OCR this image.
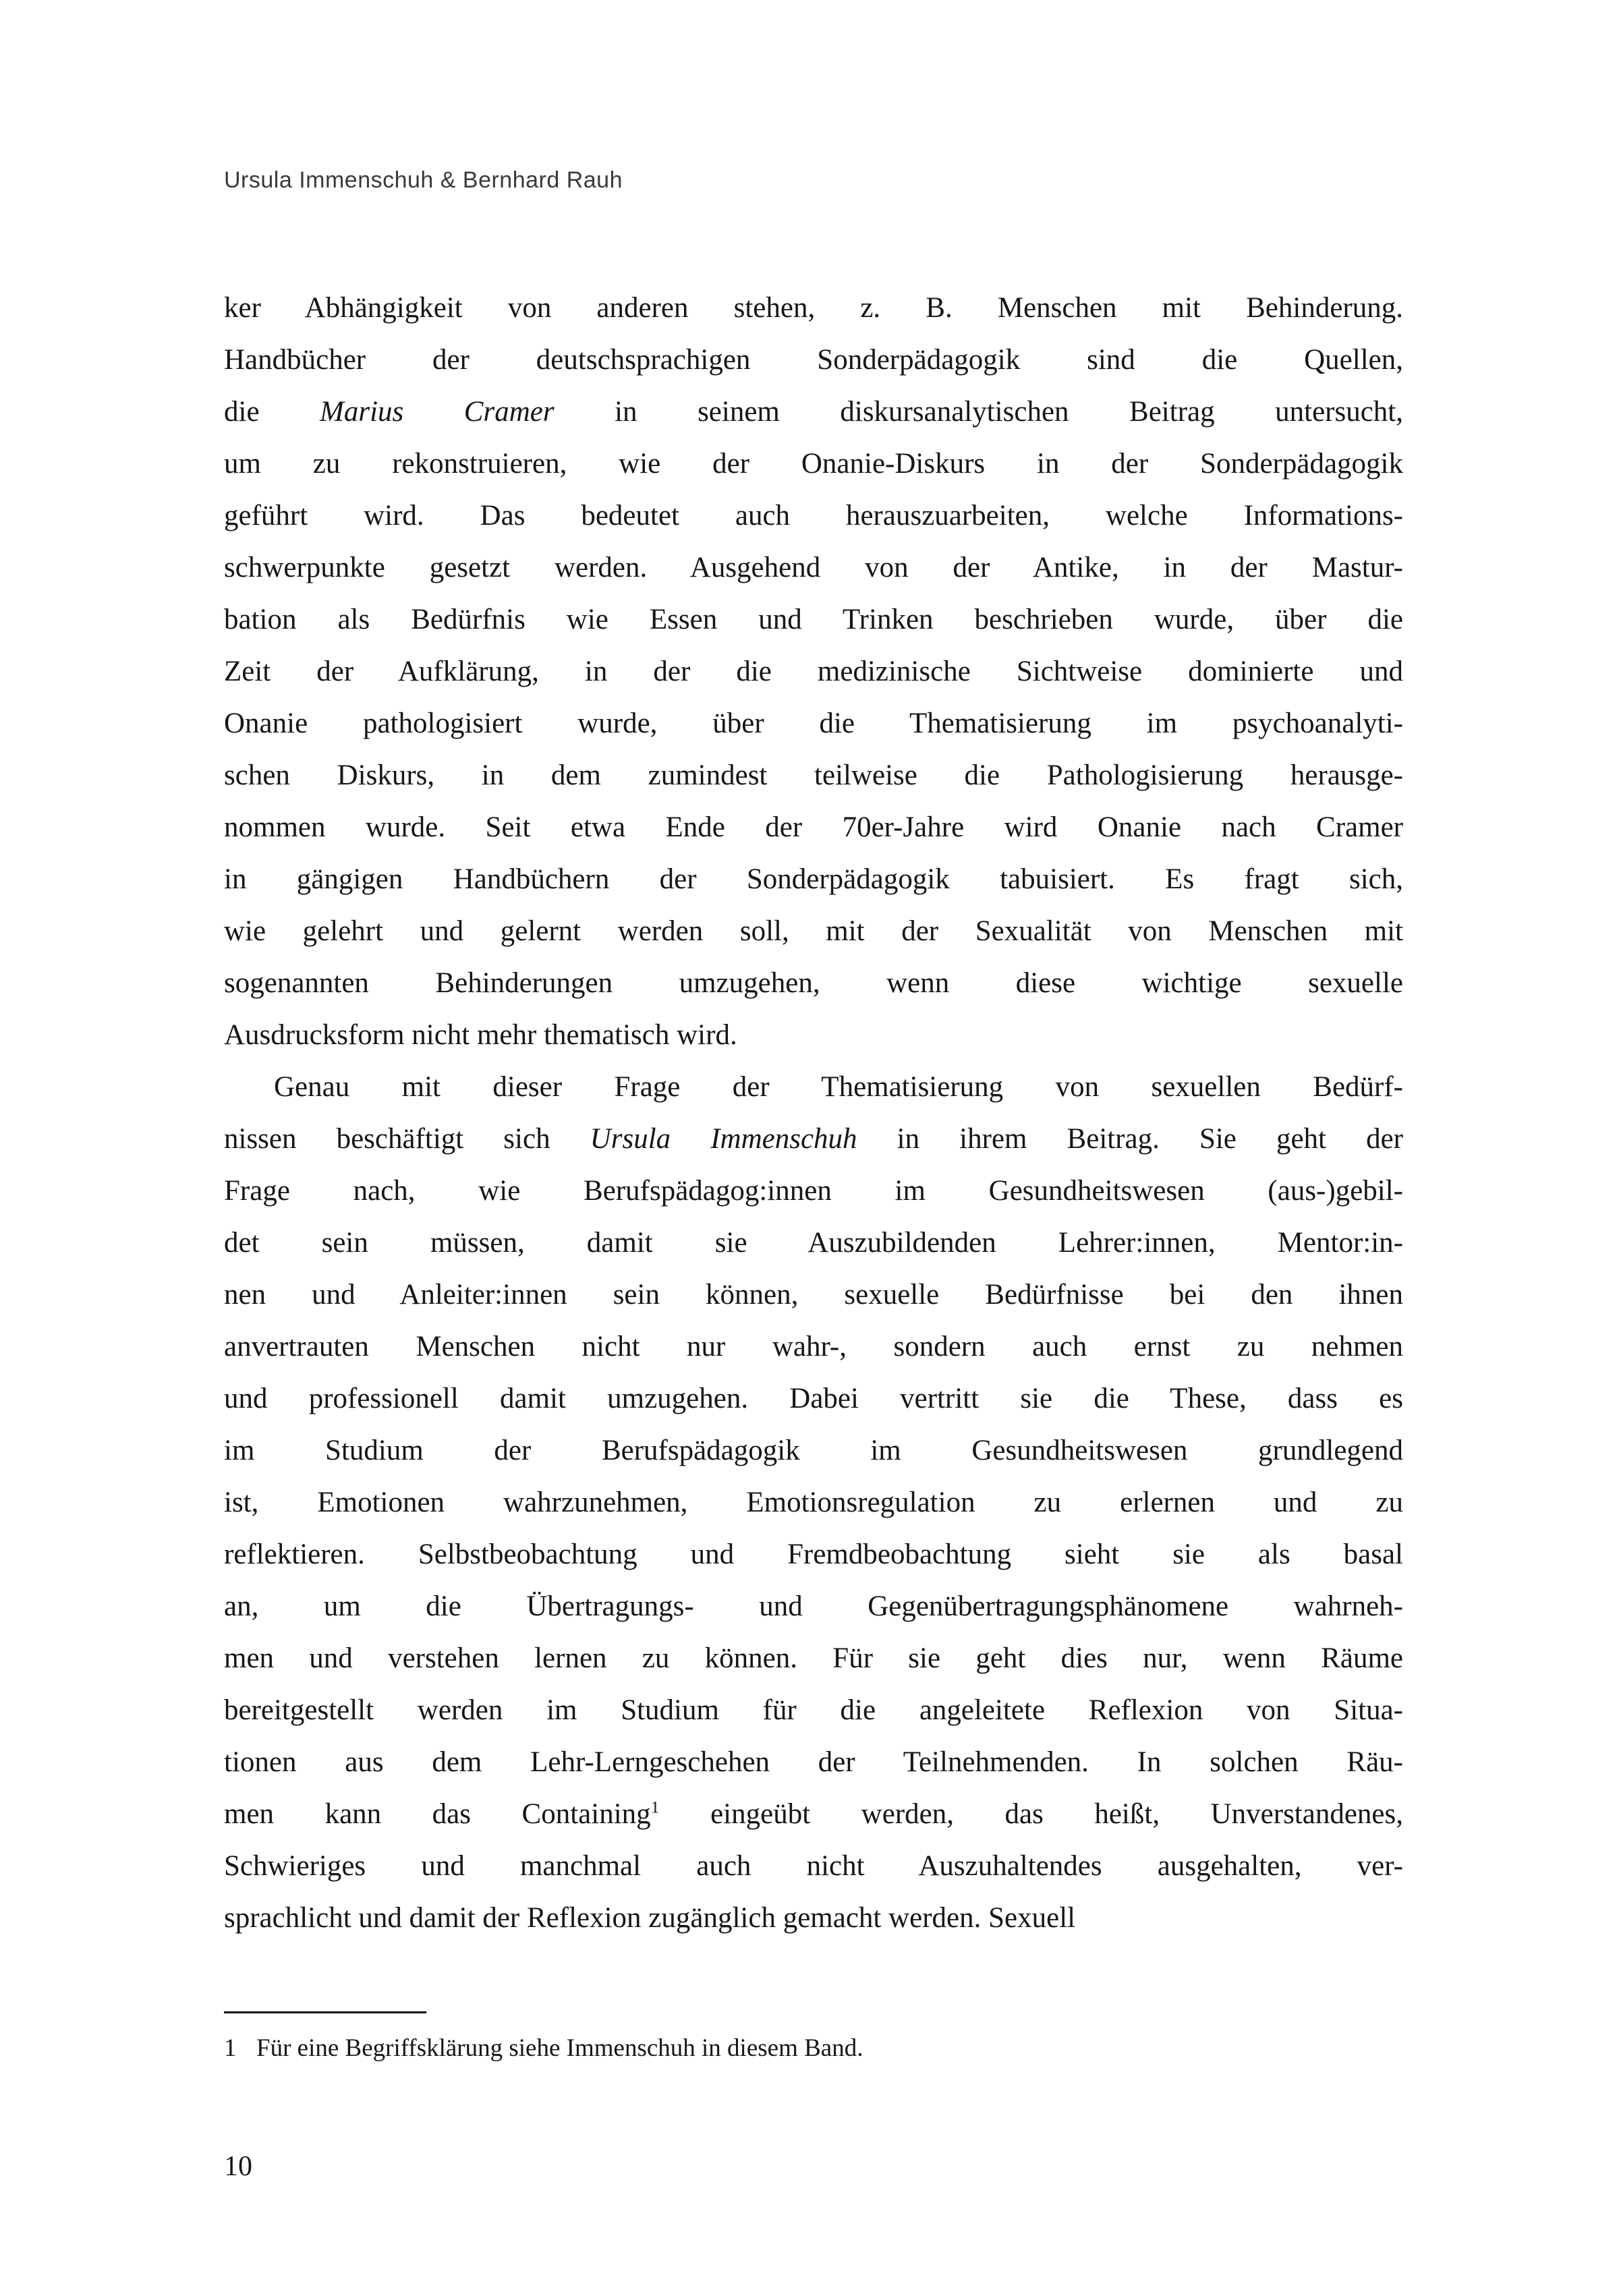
Ursula Immenschuh & Bernhard Rauh
ker Abhängigkeit von anderen stehen, z. B. Menschen mit Behinderung.
Handbücher der deutschsprachigen Sonderpädagogik sind die Quellen,
die Marius Cramer in seinem diskursanalytischen Beitrag untersucht,
um zu rekonstruieren, wie der Onanie-Diskurs in der Sonderpädagogik
geführt wird. Das bedeutet auch herauszuarbeiten, welche Informations-
schwerpunkte gesetzt werden. Ausgehend von der Antike, in der Mastur-
bation als Bedürfnis wie Essen und Trinken beschrieben wurde, über die
Zeit der Aufklärung, in der die medizinische Sichtweise dominierte und
Onanie pathologisiert wurde, über die Thematisierung im psychoanalyti-
schen Diskurs, in dem zumindest teilweise die Pathologisierung herausge-
nommen wurde. Seit etwa Ende der 70er-Jahre wird Onanie nach Cramer
in gängigen Handbüchern der Sonderpädagogik tabuisiert. Es fragt sich,
wie gelehrt und gelernt werden soll, mit der Sexualität von Menschen mit
sogenannten Behinderungen umzugehen, wenn diese wichtige sexuelle
Ausdrucksform nicht mehr thematisch wird.
Genau mit dieser Frage der Thematisierung von sexuellen Bedürf-
nissen beschäftigt sich Ursula Immenschuh in ihrem Beitrag. Sie geht der
Frage nach, wie Berufspädagog:innen im Gesundheitswesen (aus-)gebil-
det sein müssen, damit sie Auszubildenden Lehrer:innen, Mentor:in-
nen und Anleiter:innen sein können, sexuelle Bedürfnisse bei den ihnen
anvertrauten Menschen nicht nur wahr-, sondern auch ernst zu nehmen
und professionell damit umzugehen. Dabei vertritt sie die These, dass es
im Studium der Berufspädagogik im Gesundheitswesen grundlegend
ist, Emotionen wahrzunehmen, Emotionsregulation zu erlernen und zu
reflektieren. Selbstbeobachtung und Fremdbeobachtung sieht sie als basal
an, um die Übertragungs- und Gegenübertragungsphänomene wahrneh-
men und verstehen lernen zu können. Für sie geht dies nur, wenn Räume
bereitgestellt werden im Studium für die angeleitete Reflexion von Situa-
tionen aus dem Lehr-Lerngeschehen der Teilnehmenden. In solchen Räu-
men kann das Containing$^1$ eingeübt werden, das heißt, Unverstandenes,
Schwieriges und manchmal auch nicht Auszuhaltendes ausgehalten, ver-
sprachlicht und damit der Reflexion zugänglich gemacht werden. Sexuell
1 Für eine Begriffsklärung siehe Immenschuh in diesem Band.
10
